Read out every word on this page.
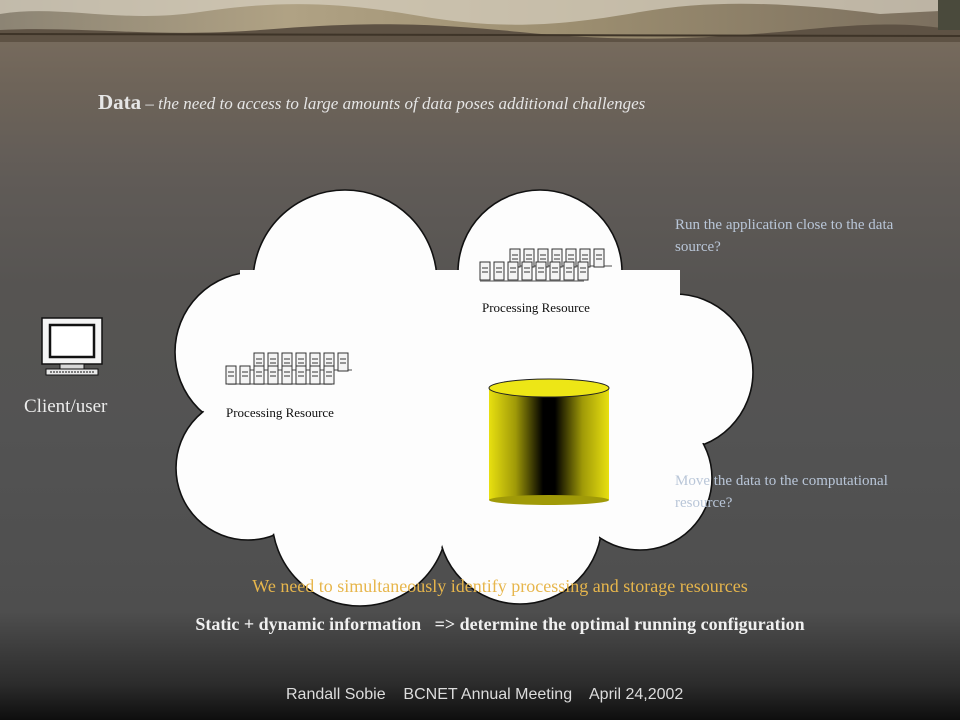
Data – the need to access to large amounts of data poses additional challenges
Processing Resource
Processing Resource
Client/user
Run the application close to the data source?
Move the data to the computational resource?
We need to simultaneously identify processing and storage resources
Static + dynamic information   => determine the optimal running configuration
Randall Sobie    BCNET Annual Meeting    April 24,2002
